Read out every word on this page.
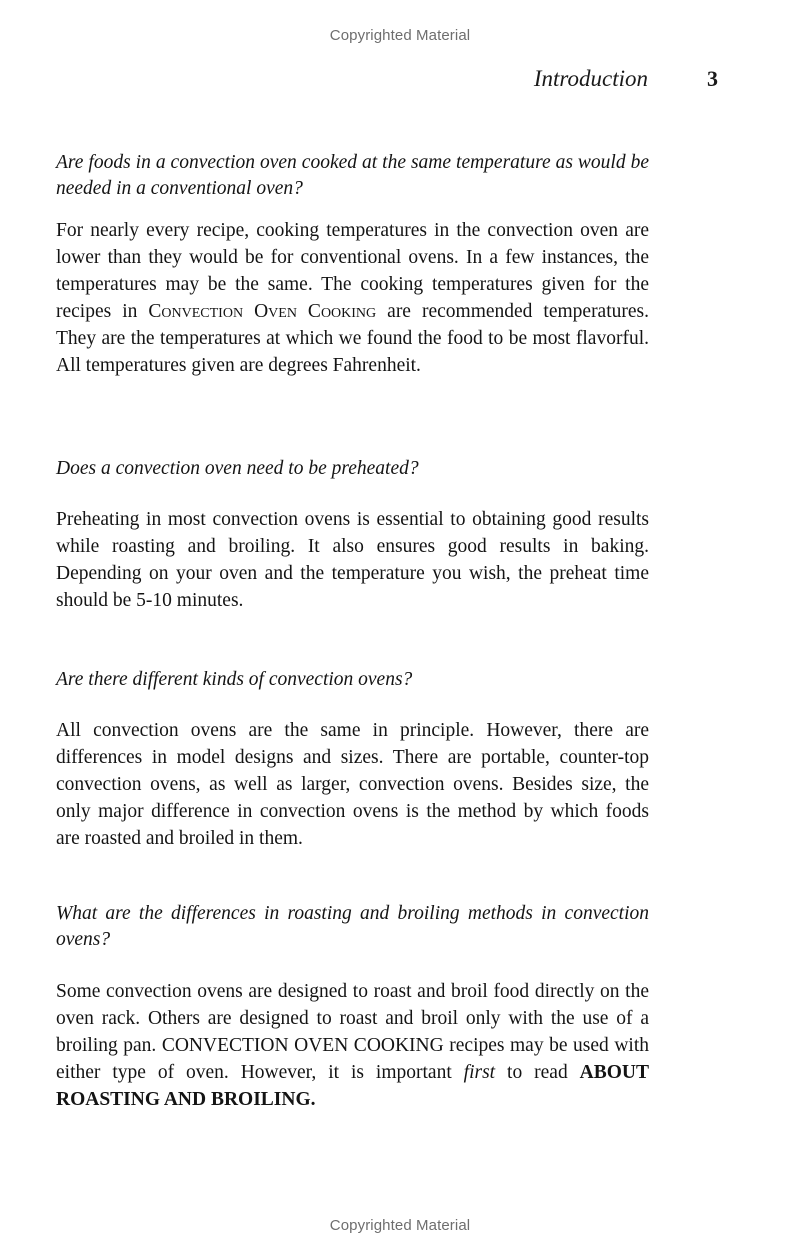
Copyrighted Material
Introduction	3

Are foods in a convection oven cooked at the same temperature as would be needed in a conventional oven?

For nearly every recipe, cooking temperatures in the convection oven are lower than they would be for conventional ovens. In a few instances, the temperatures may be the same. The cooking temperatures given for the recipes in Convection Oven Cooking are recommended temperatures. They are the temperatures at which we found the food to be most flavorful. All temperatures given are degrees Fahrenheit.

Does a convection oven need to be preheated?

Preheating in most convection ovens is essential to obtaining good results while roasting and broiling. It also ensures good results in baking. Depending on your oven and the temperature you wish, the preheat time should be 5-10 minutes.

Are there different kinds of convection ovens?

All convection ovens are the same in principle. However, there are differences in model designs and sizes. There are portable, counter-top convection ovens, as well as larger, convection ovens. Besides size, the only major difference in convection ovens is the method by which foods are roasted and broiled in them.

What are the differences in roasting and broiling methods in convection ovens?

Some convection ovens are designed to roast and broil food directly on the oven rack. Others are designed to roast and broil only with the use of a broiling pan. CONVECTION OVEN COOKING recipes may be used with either type of oven. However, it is important first to read ABOUT ROASTING AND BROILING.

Copyrighted Material
